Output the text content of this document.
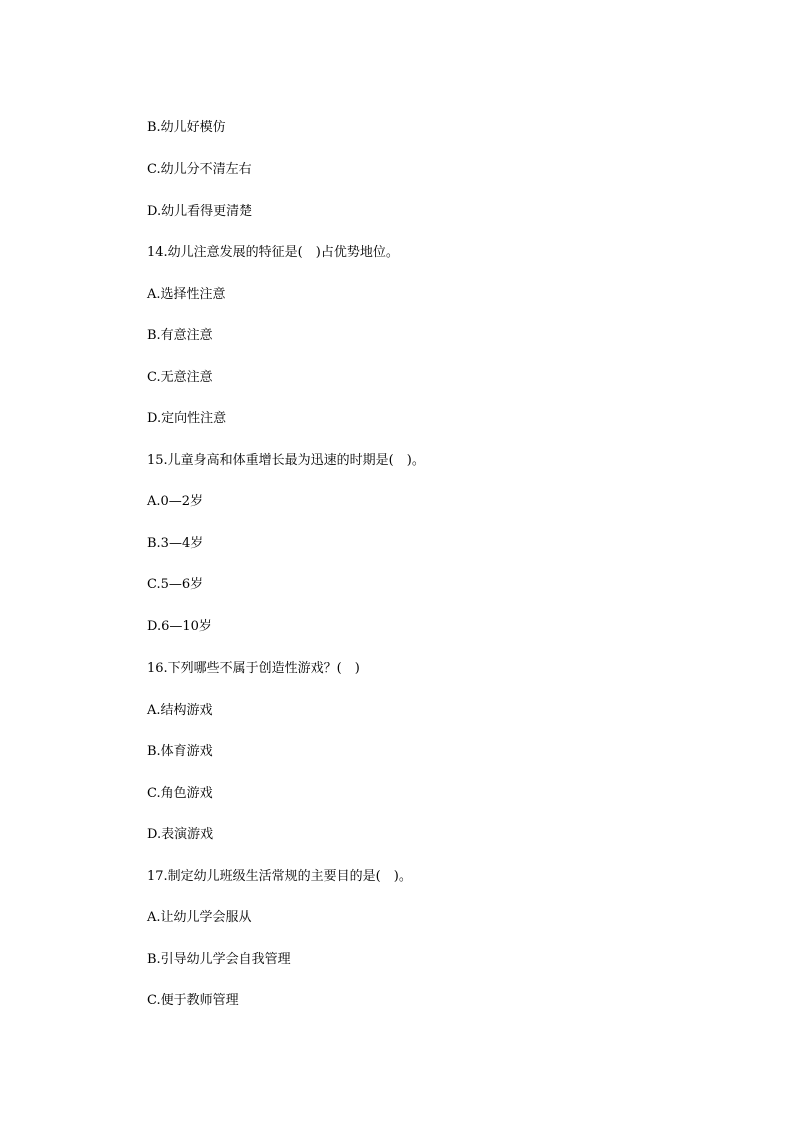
B.幼儿好模仿
C.幼儿分不清左右
D.幼儿看得更清楚
14.幼儿注意发展的特征是(　)占优势地位。
A.选择性注意
B.有意注意
C.无意注意
D.定向性注意
15.儿童身高和体重增长最为迅速的时期是(　)。
A.0—2岁
B.3—4岁
C.5—6岁
D.6—10岁
16.下列哪些不属于创造性游戏？(　)
A.结构游戏
B.体育游戏
C.角色游戏
D.表演游戏
17.制定幼儿班级生活常规的主要目的是(　)。
A.让幼儿学会服从
B.引导幼儿学会自我管理
C.便于教师管理
